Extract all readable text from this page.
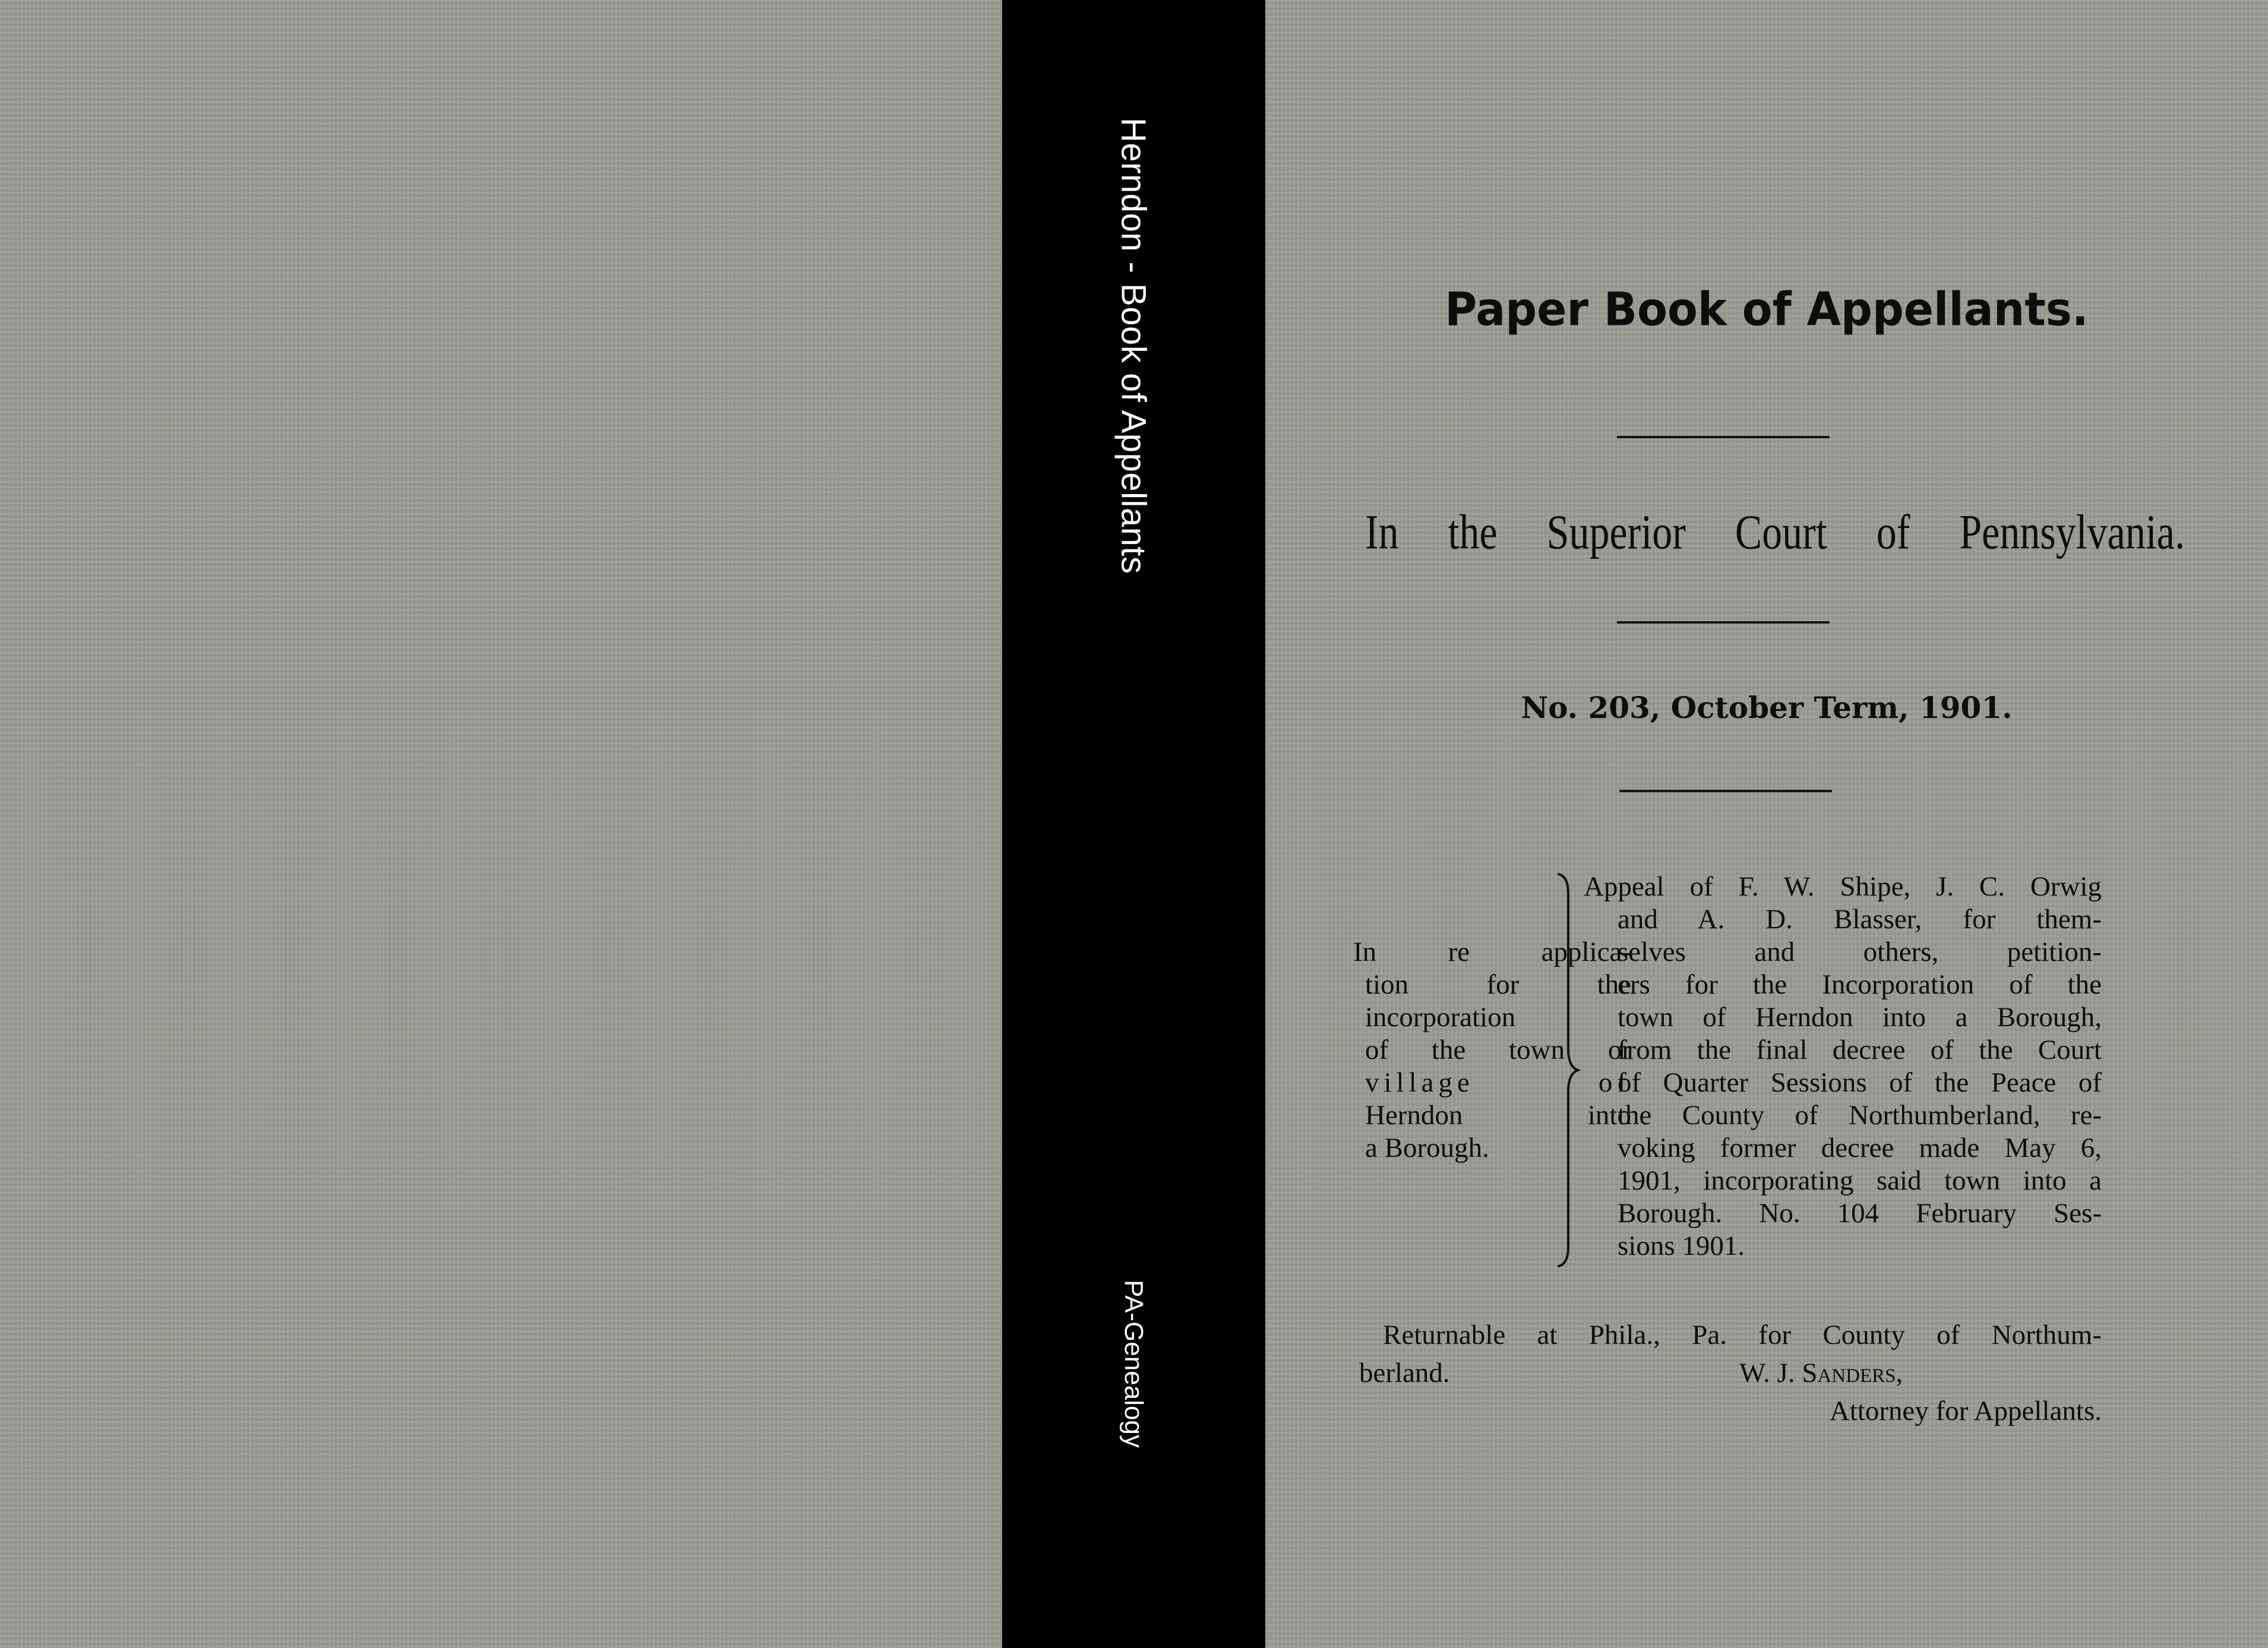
Herndon - Book of Appellants
PA-Genealogy
Paper Book of Appellants.
In the Superior Court of Pennsylvania.
No. 203, October Term, 1901.
In re applica-
tion for the
incorporation
of the town or
village of
Herndon into
a Borough.
Appeal of F. W. Shipe, J. C. Orwig
and A. D. Blasser, for them-
selves and others, petition-
ers for the Incorporation of the
town of Herndon into a Borough,
from the final decree of the Court
of Quarter Sessions of the Peace of
the County of Northumberland, re-
voking former decree made May 6,
1901, incorporating said town into a
Borough. No. 104 February Ses-
sions 1901.
Returnable at Phila., Pa. for County of Northum-
berland.	W. J. Sanders,
Attorney for Appellants.
